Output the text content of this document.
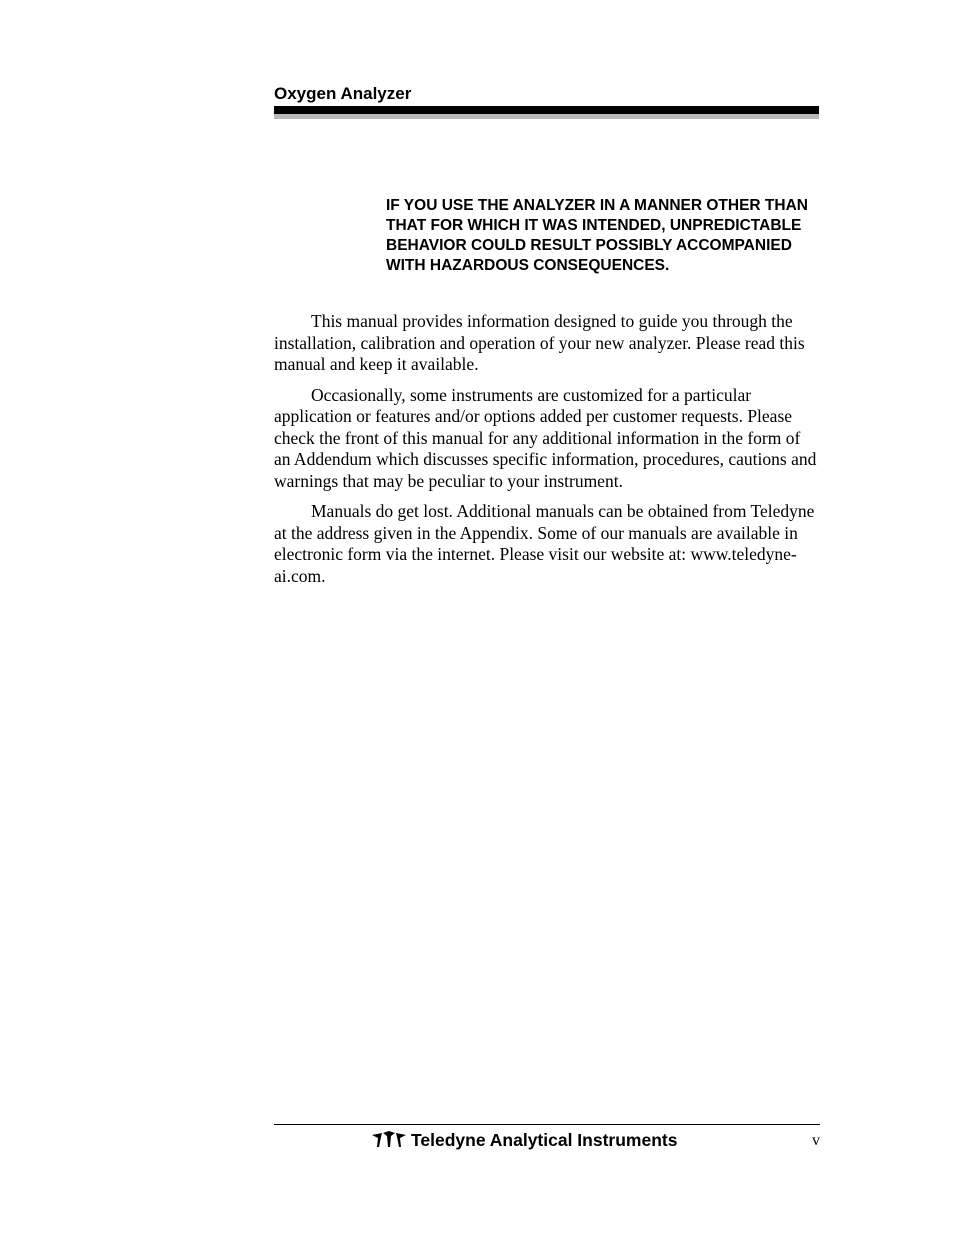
Oxygen Analyzer

IF YOU USE THE ANALYZER IN A MANNER OTHER THAN THAT FOR WHICH IT WAS INTENDED, UNPREDICTABLE BEHAVIOR COULD RESULT POSSIBLY ACCOMPANIED WITH HAZARDOUS CONSEQUENCES.

This manual provides information designed to guide you through the installation, calibration and operation of your new analyzer. Please read this manual and keep it available.

Occasionally, some instruments are customized for a particular application or features and/or options added per customer requests. Please check the front of this manual for any additional information in the form of an Addendum which discusses specific information, procedures, cautions and warnings that may be peculiar to your instrument.

Manuals do get lost. Additional manuals can be obtained from Teledyne at the address given in the Appendix. Some of our manuals are available in electronic form via the internet. Please visit our website at: www.teledyne-ai.com.

Teledyne Analytical Instruments	v
